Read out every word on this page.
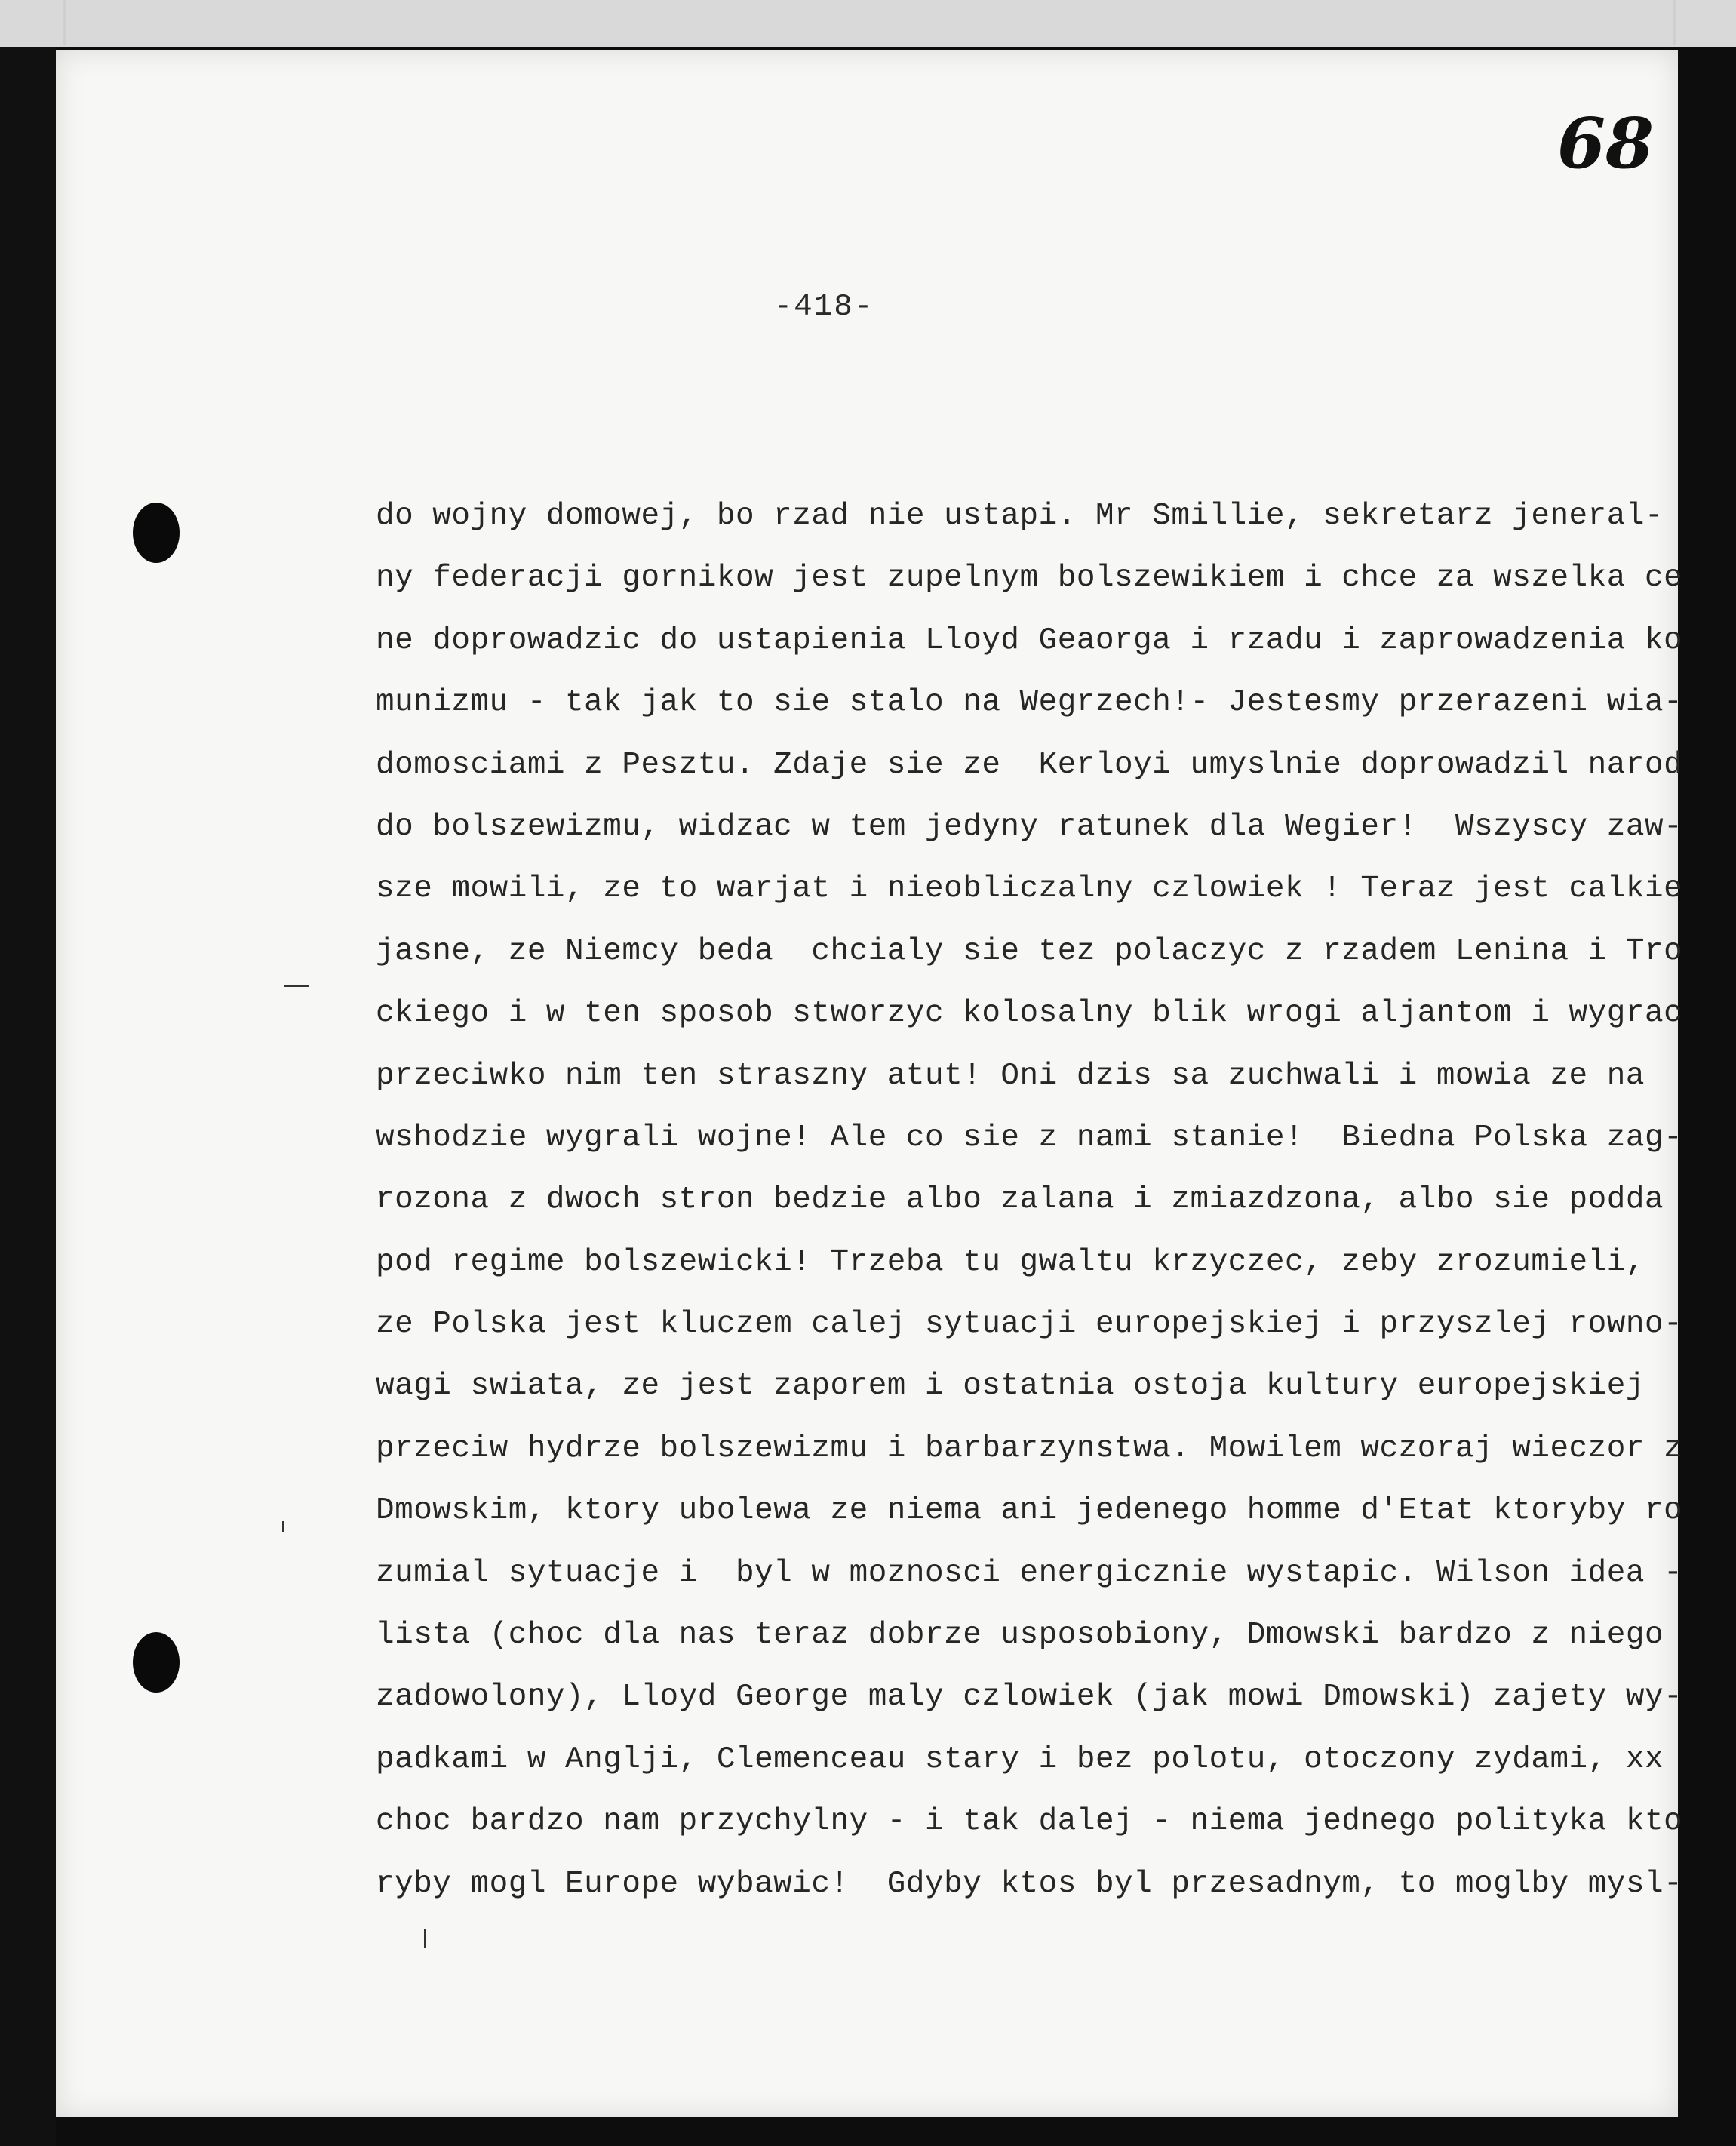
68

-418-

do wojny domowej, bo rzad nie ustapi. Mr Smillie, sekretarz jeneral-
ny federacji gornikow jest zupelnym bolszewikiem i chce za wszelka ce
ne doprowadzic do ustapienia Lloyd Geaorga i rzadu i zaprowadzenia ko
munizmu - tak jak to sie stalo na Wegrzech!- Jestesmy przerazeni wia-
domosciami z Pesztu. Zdaje sie ze  Kerloyi umyslnie doprowadzil narod
do bolszewizmu, widzac w tem jedyny ratunek dla Wegier!  Wszyscy zaw-
sze mowili, ze to warjat i nieobliczalny czlowiek ! Teraz jest calkie
jasne, ze Niemcy beda  chcialy sie tez polaczyc z rzadem Lenina i Tro
ckiego i w ten sposob stworzyc kolosalny blik wrogi aljantom i wygrac
przeciwko nim ten straszny atut! Oni dzis sa zuchwali i mowia ze na
wshodzie wygrali wojne! Ale co sie z nami stanie!  Biedna Polska zag-
rozona z dwoch stron bedzie albo zalana i zmiazdzona, albo sie podda
pod regime bolszewicki! Trzeba tu gwaltu krzyczec, zeby zrozumieli,
ze Polska jest kluczem calej sytuacji europejskiej i przyszlej rowno-
wagi swiata, ze jest zaporem i ostatnia ostoja kultury europejskiej
przeciw hydrze bolszewizmu i barbarzynstwa. Mowilem wczoraj wieczor z
Dmowskim, ktory ubolewa ze niema ani jedenego homme d'Etat ktoryby ro
zumial sytuacje i  byl w moznosci energicznie wystapic. Wilson idea -
lista (choc dla nas teraz dobrze usposobiony, Dmowski bardzo z niego
zadowolony), Lloyd George maly czlowiek (jak mowi Dmowski) zajety wy-
padkami w Anglji, Clemenceau stary i bez polotu, otoczony zydami, xx
choc bardzo nam przychylny - i tak dalej - niema jednego polityka kto
ryby mogl Europe wybawic!  Gdyby ktos byl przesadnym, to moglby mysl-
